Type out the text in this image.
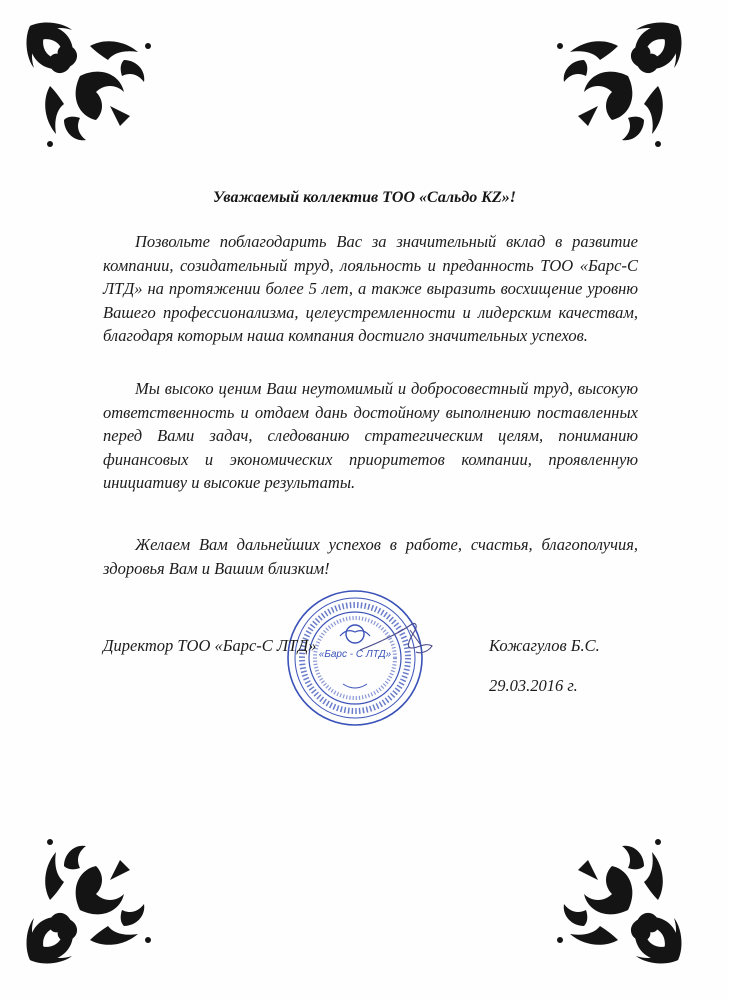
Уважаемый коллектив ТОО «Сальдо KZ»!

Позвольте поблагодарить Вас за значительный вклад в развитие компании, созидательный труд, лояльность и преданность ТОО «Барс-С ЛТД» на протяжении более 5 лет, а также выразить восхищение уровню Вашего профессионализма, целеустремленности и лидерским качествам, благодаря которым наша компания достигло значительных успехов.

Мы высоко ценим Ваш неутомимый и добросовестный труд, высокую ответственность и отдаем дань достойному выполнению поставленных перед Вами задач, следованию стратегическим целям, пониманию финансовых и экономических приоритетов компании, проявленную инициативу и высокие результаты.

Желаем Вам дальнейших успехов в работе, счастья, благополучия, здоровья Вам и Вашим близким!

«Барс - С ЛТД»
Директор ТОО «Барс-С ЛТД»	Кожагулов Б.С.
29.03.2016 г.
